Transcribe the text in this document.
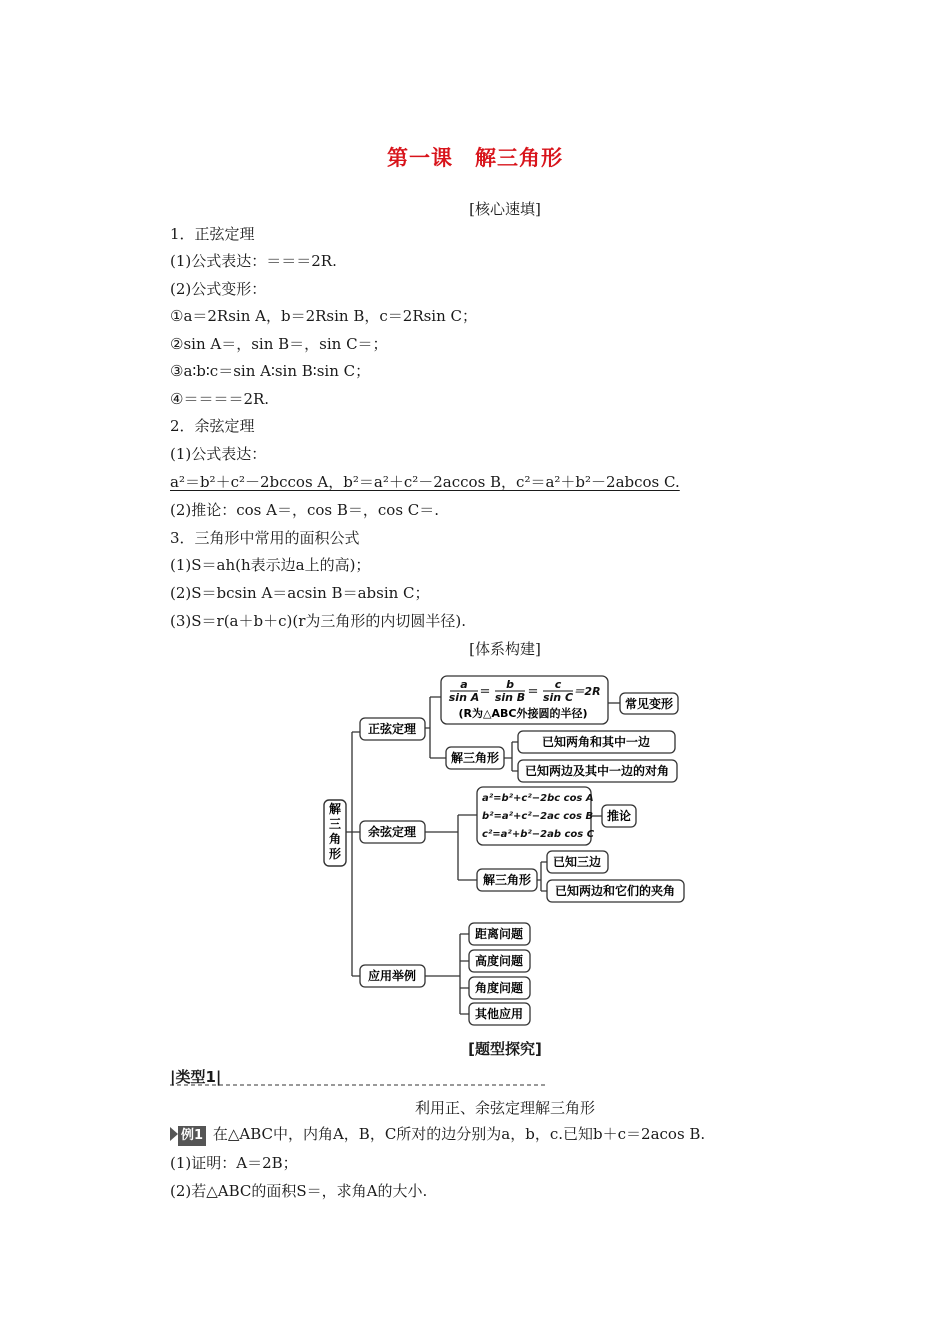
第一课　解三角形
[核心速填]
1．正弦定理
(1)公式表达：＝＝＝2R.
(2)公式变形：
①a＝2Rsin A，b＝2Rsin B，c＝2Rsin C；
②sin A＝，sin B＝，sin C＝；
③a∶b∶c＝sin A∶sin B∶sin C；
④＝＝＝＝2R.
2．余弦定理
(1)公式表达：
a²＝b²＋c²－2bccos A，b²＝a²＋c²－2accos B，c²＝a²＋b²－2abcos C.
(2)推论：cos A＝，cos B＝，cos C＝.
3．三角形中常用的面积公式
(1)S＝ah(h表示边a上的高)；
(2)S＝bcsin A＝acsin B＝absin C；
(3)S＝r(a＋b＋c)(r为三角形的内切圆半径).
[体系构建]
正弦定理
余弦定理
应用举例
a
sin A ＝
b
sin B ＝
c
sin C ＝2R
(R为△ABC外接圆的半径)
常见变形
解三角形
已知两角和其中一边
已知两边及其中一边的对角
a²=b²+c²−2bc cos A
b²=a²+c²−2ac cos B
c²=a²+b²−2ab cos C
推论
解三角形
已知三边
已知两边和它们的夹角
距离问题
高度问题
角度问题
其他应用
解
三
角
形
[题型探究]
|类型1|
利用正、余弦定理解三角形
例1 在△ABC中，内角A，B，C所对的边分别为a，b，c.已知b＋c＝2acos B.
(1)证明：A＝2B；
(2)若△ABC的面积S＝，求角A的大小.
